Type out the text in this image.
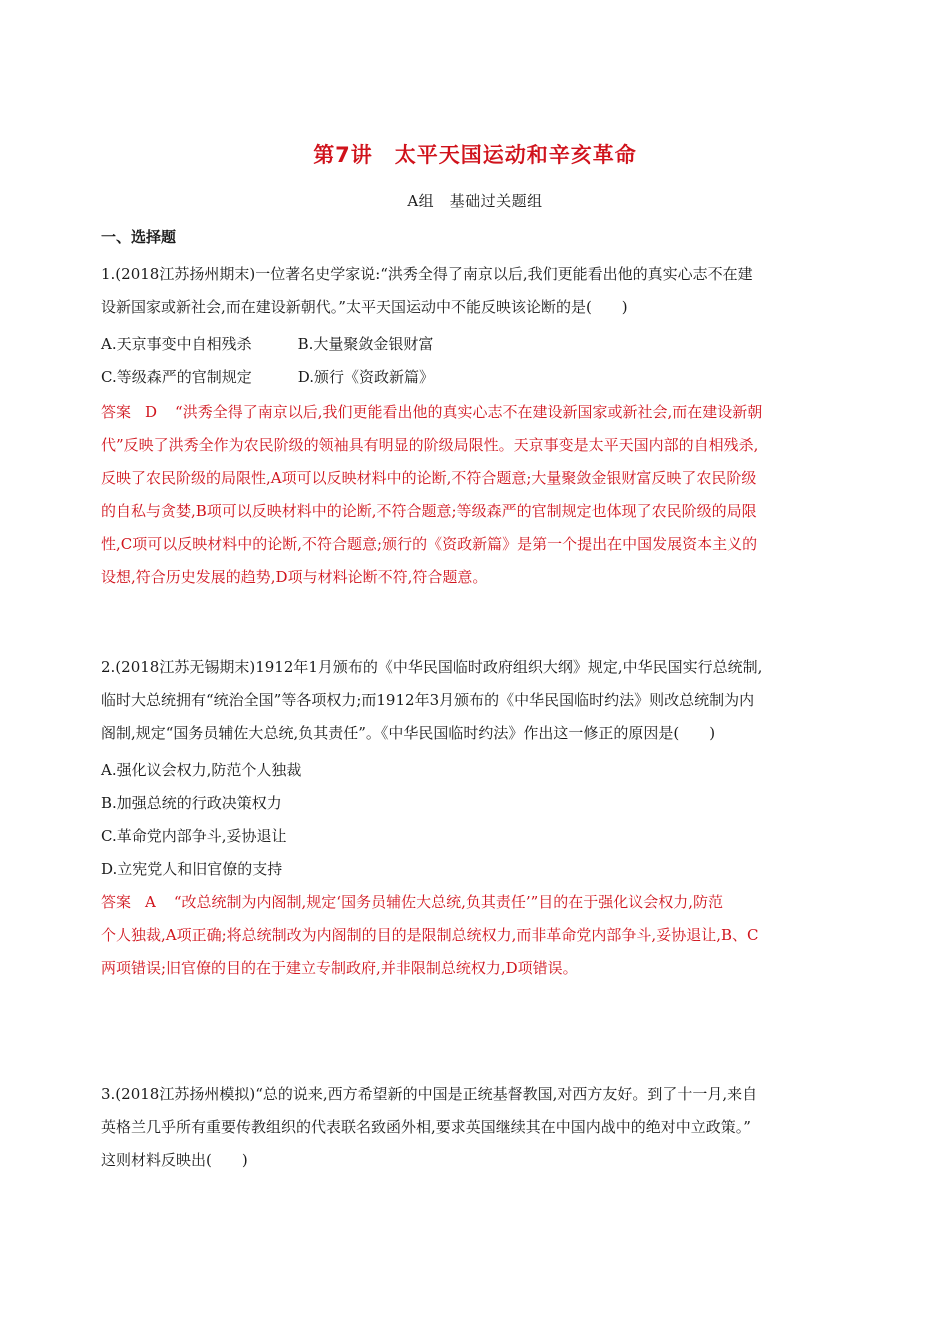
第7讲　太平天国运动和辛亥革命
A组　基础过关题组
一、选择题
1.(2018江苏扬州期末)一位著名史学家说:“洪秀全得了南京以后,我们更能看出他的真实心志不在建
设新国家或新社会,而在建设新朝代。”太平天国运动中不能反映该论断的是(　　)
A.天京事变中自相残杀	B.大量聚敛金银财富
C.等级森严的官制规定	D.颁行《资政新篇》
答案 D “洪秀全得了南京以后,我们更能看出他的真实心志不在建设新国家或新社会,而在建设新朝
代”反映了洪秀全作为农民阶级的领袖具有明显的阶级局限性。天京事变是太平天国内部的自相残杀,
反映了农民阶级的局限性,A项可以反映材料中的论断,不符合题意;大量聚敛金银财富反映了农民阶级
的自私与贪婪,B项可以反映材料中的论断,不符合题意;等级森严的官制规定也体现了农民阶级的局限
性,C项可以反映材料中的论断,不符合题意;颁行的《资政新篇》是第一个提出在中国发展资本主义的
设想,符合历史发展的趋势,D项与材料论断不符,符合题意。
2.(2018江苏无锡期末)1912年1月颁布的《中华民国临时政府组织大纲》规定,中华民国实行总统制,
临时大总统拥有“统治全国”等各项权力;而1912年3月颁布的《中华民国临时约法》则改总统制为内
阁制,规定“国务员辅佐大总统,负其责任”。《中华民国临时约法》作出这一修正的原因是(　　)
A.强化议会权力,防范个人独裁
B.加强总统的行政决策权力
C.革命党内部争斗,妥协退让
D.立宪党人和旧官僚的支持
答案 A “改总统制为内阁制,规定‘国务员辅佐大总统,负其责任’”目的在于强化议会权力,防范
个人独裁,A项正确;将总统制改为内阁制的目的是限制总统权力,而非革命党内部争斗,妥协退让,B、C
两项错误;旧官僚的目的在于建立专制政府,并非限制总统权力,D项错误。
3.(2018江苏扬州模拟)“总的说来,西方希望新的中国是正统基督教国,对西方友好。到了十一月,来自
英格兰几乎所有重要传教组织的代表联名致函外相,要求英国继续其在中国内战中的绝对中立政策。”
这则材料反映出(　　)
